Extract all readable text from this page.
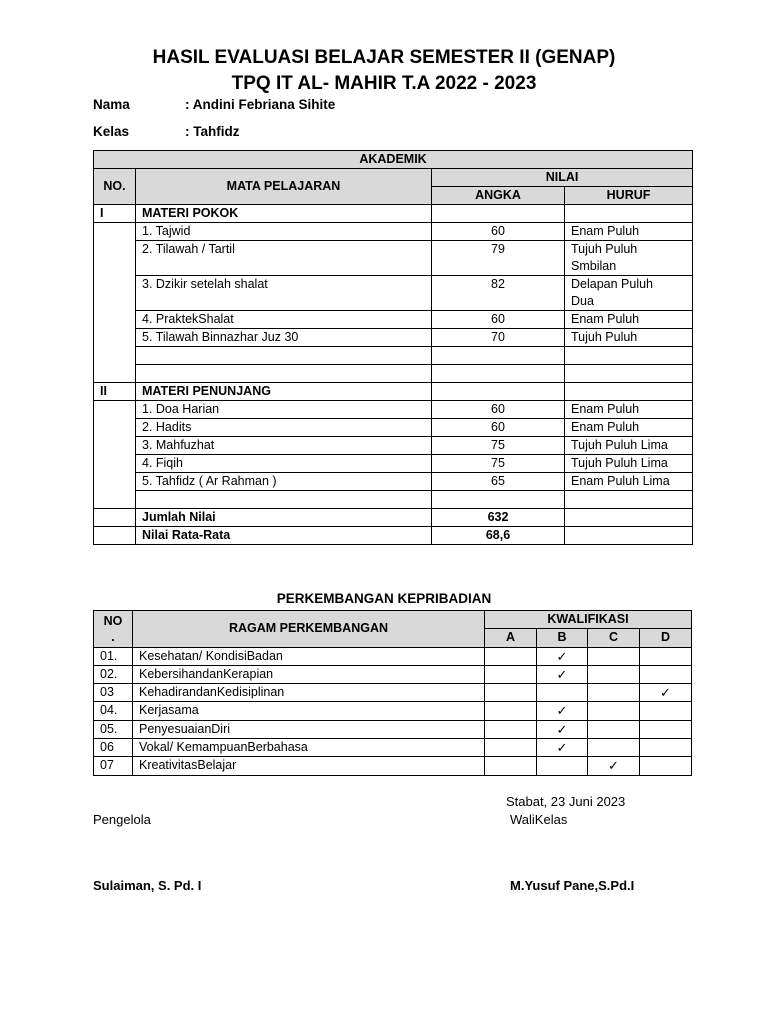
HASIL EVALUASI BELAJAR SEMESTER II (GENAP)
TPQ IT AL- MAHIR T.A 2022 - 2023
Nama	: Andini Febriana Sihite
Kelas	: Tahfidz
AKADEMIK			
NO.	MATA PELAJARAN	NILAI	
		ANGKA	HURUF
I	MATERI POKOK		
	1. Tajwid	60	Enam Puluh
	2. Tilawah / Tartil	79	Tujuh Puluh
Smbilan
	3. Dzikir setelah shalat	82	Delapan Puluh
Dua
	4. PraktekShalat	60	Enam Puluh
	5. Tilawah Binnazhar Juz 30	70	Tujuh Puluh

II	MATERI PENUNJANG		
	1. Doa Harian	60	Enam Puluh
	2. Hadits	60	Enam Puluh
	3. Mahfuzhat	75	Tujuh Puluh Lima
	4. Fiqih	75	Tujuh Puluh Lima
	5. Tahfidz ( Ar Rahman )	65	Enam Puluh Lima

	Jumlah Nilai	632	
	Nilai Rata-Rata	68,6	
PERKEMBANGAN KEPRIBADIAN
NO
.	RAGAM PERKEMBANGAN	KWALIFIKASI			
		A	B	C	D
01.	Kesehatan/ KondisiBadan		✓		
02.	KebersihandanKerapian		✓		
03	KehadirandanKedisiplinan				✓
04.	Kerjasama		✓		
05.	PenyesuaianDiri		✓		
06	Vokal/ KemampuanBerbahasa		✓		
07	KreativitasBelajar			✓	
Stabat, 23 Juni 2023
Pengelola	WaliKelas
Sulaiman, S. Pd. I	M.Yusuf Pane,S.Pd.I
